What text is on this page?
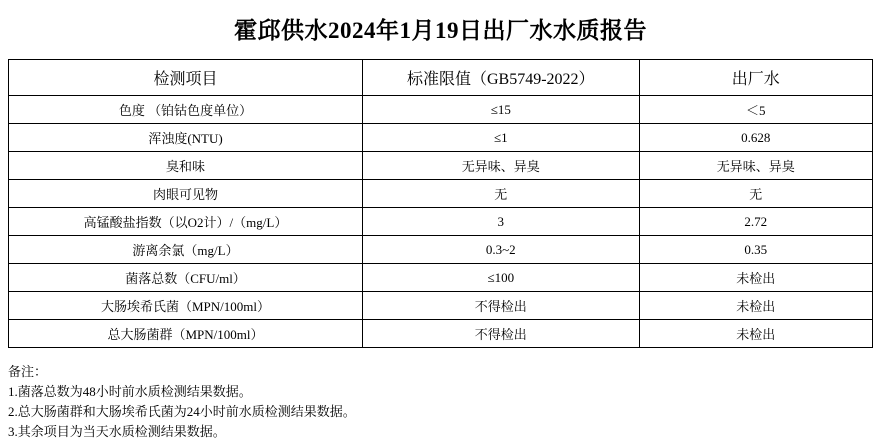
霍邱供水2024年1月19日出厂水水质报告
检测项目	标准限值（GB5749-2022）	出厂水
色度 （铂钴色度单位）	≤15	＜5
浑浊度(NTU)	≤1	0.628
臭和味	无异味、异臭	无异味、异臭
肉眼可见物	无	无
高锰酸盐指数（以O2计）/（mg/L）	3	2.72
游离余氯（mg/L）	0.3~2	0.35
菌落总数（CFU/ml）	≤100	未检出
大肠埃希氏菌（MPN/100ml）	不得检出	未检出
总大肠菌群（MPN/100ml）	不得检出	未检出
备注：
1.菌落总数为48小时前水质检测结果数据。
2.总大肠菌群和大肠埃希氏菌为24小时前水质检测结果数据。
3.其余项目为当天水质检测结果数据。
